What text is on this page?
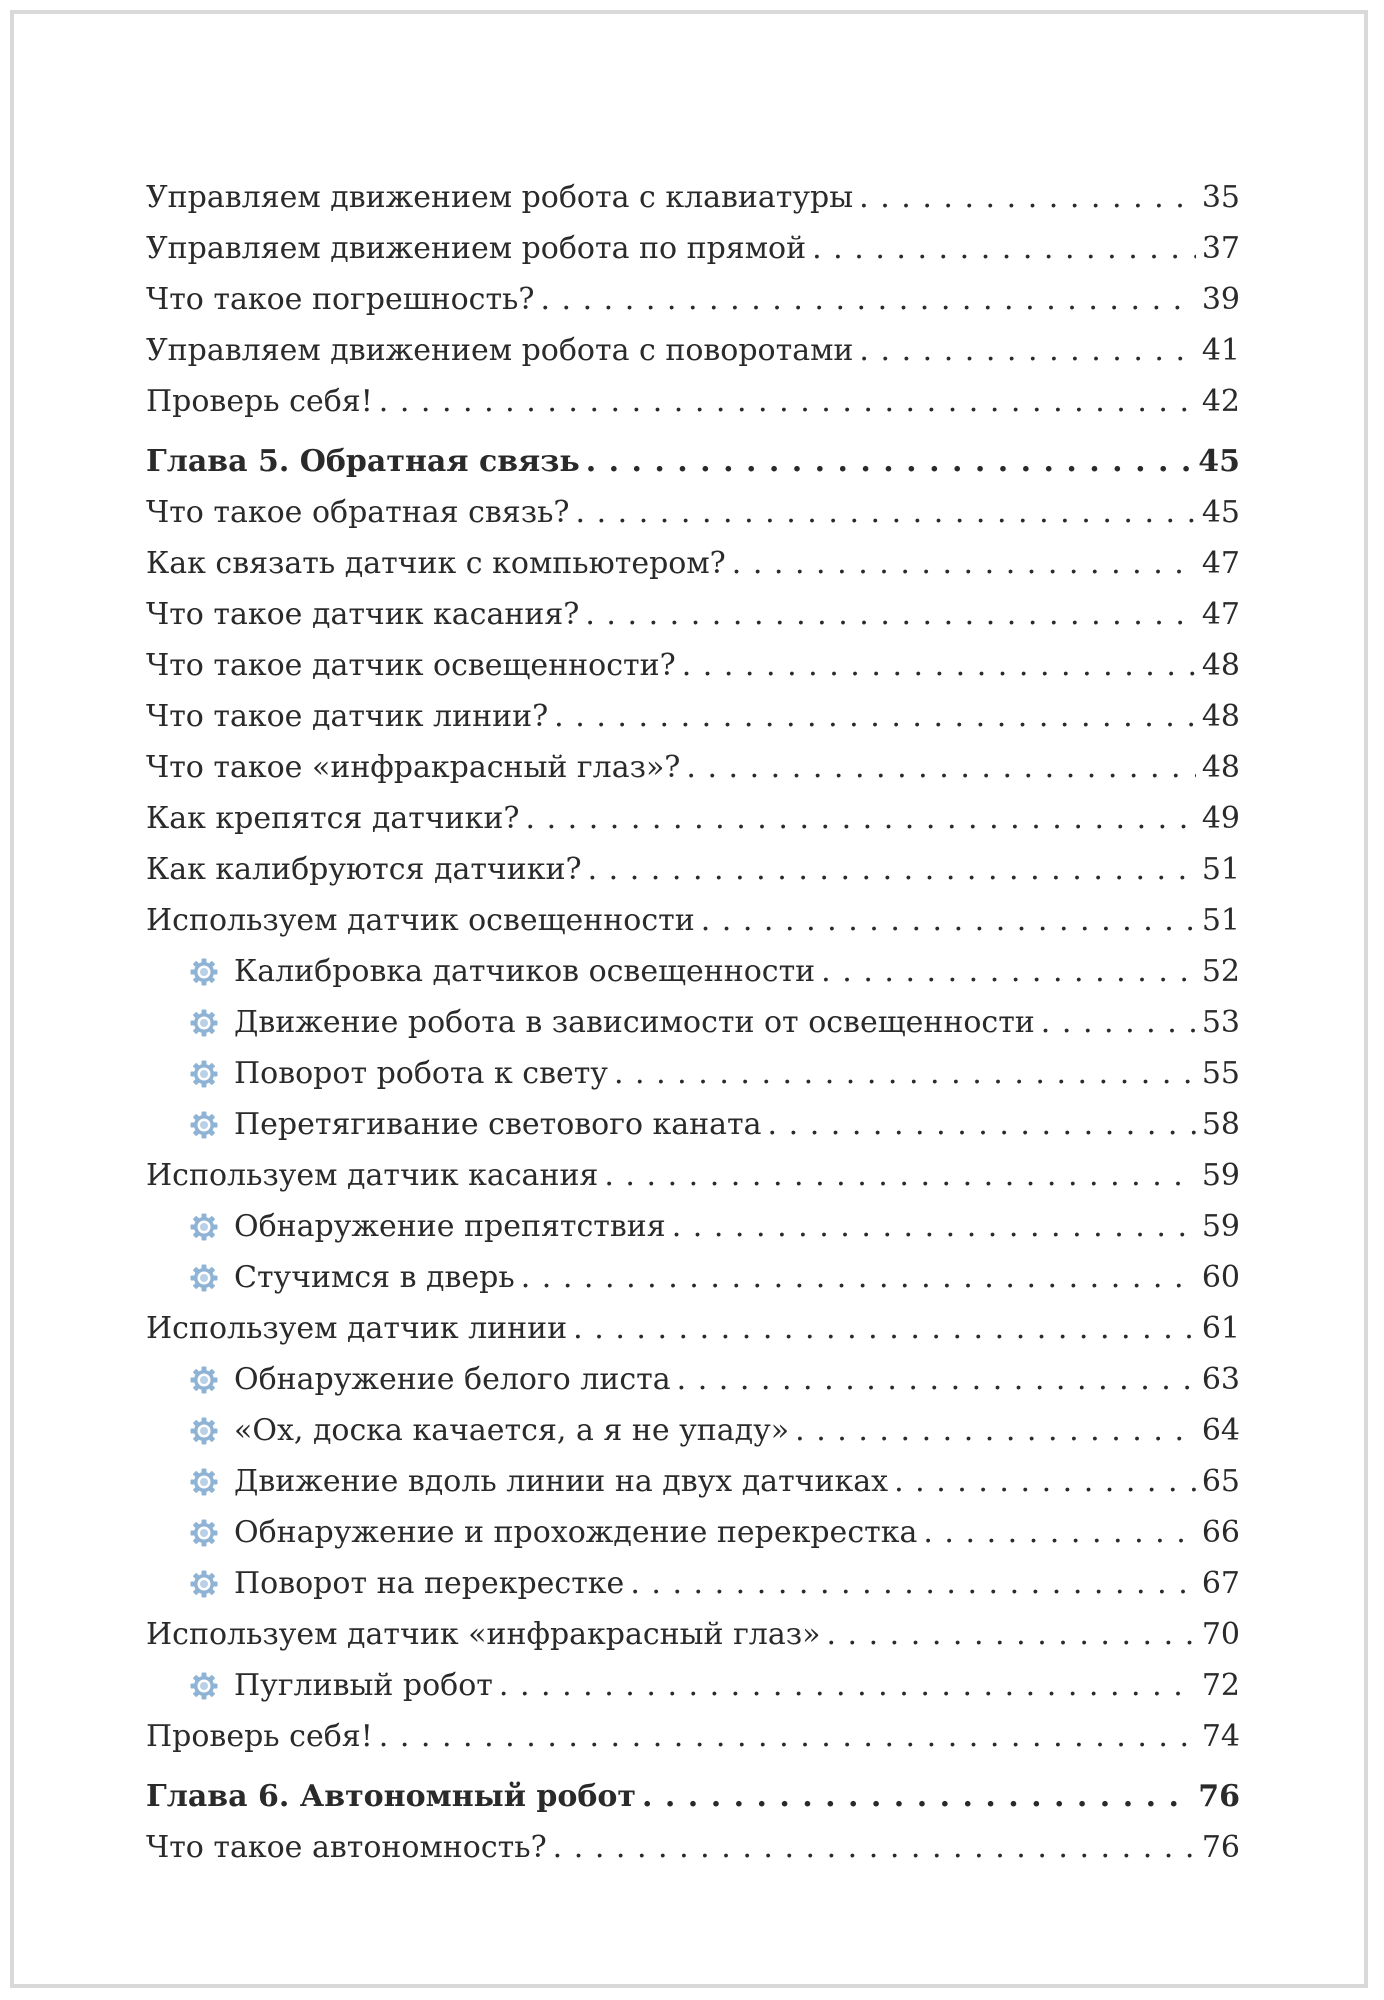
Управляем движением робота с клавиатуры . . .	35
Управляем движением робота по прямой . . .	37
Что такое погрешность? . . .	39
Управляем движением робота с поворотами . . .	41
Проверь себя! . . .	42
Глава 5. Обратная связь . . .	45
Что такое обратная связь? . . .	45
Как связать датчик с компьютером? . . .	47
Что такое датчик касания? . . .	47
Что такое датчик освещенности? . . .	48
Что такое датчик линии? . . .	48
Что такое «инфракрасный глаз»? . . .	48
Как крепятся датчики? . . .	49
Как калибруются датчики? . . .	51
Используем датчик освещенности . . .	51
Калибровка датчиков освещенности . . .	52
Движение робота в зависимости от освещенности . . .	53
Поворот робота к свету . . .	55
Перетягивание светового каната . . .	58
Используем датчик касания . . .	59
Обнаружение препятствия . . .	59
Стучимся в дверь . . .	60
Используем датчик линии . . .	61
Обнаружение белого листа . . .	63
«Ох, доска качается, а я не упаду» . . .	64
Движение вдоль линии на двух датчиках . . .	65
Обнаружение и прохождение перекрестка . . .	66
Поворот на перекрестке . . .	67
Используем датчик «инфракрасный глаз» . . .	70
Пугливый робот . . .	72
Проверь себя! . . .	74
Глава 6. Автономный робот . . .	76
Что такое автономность? . . .	76
